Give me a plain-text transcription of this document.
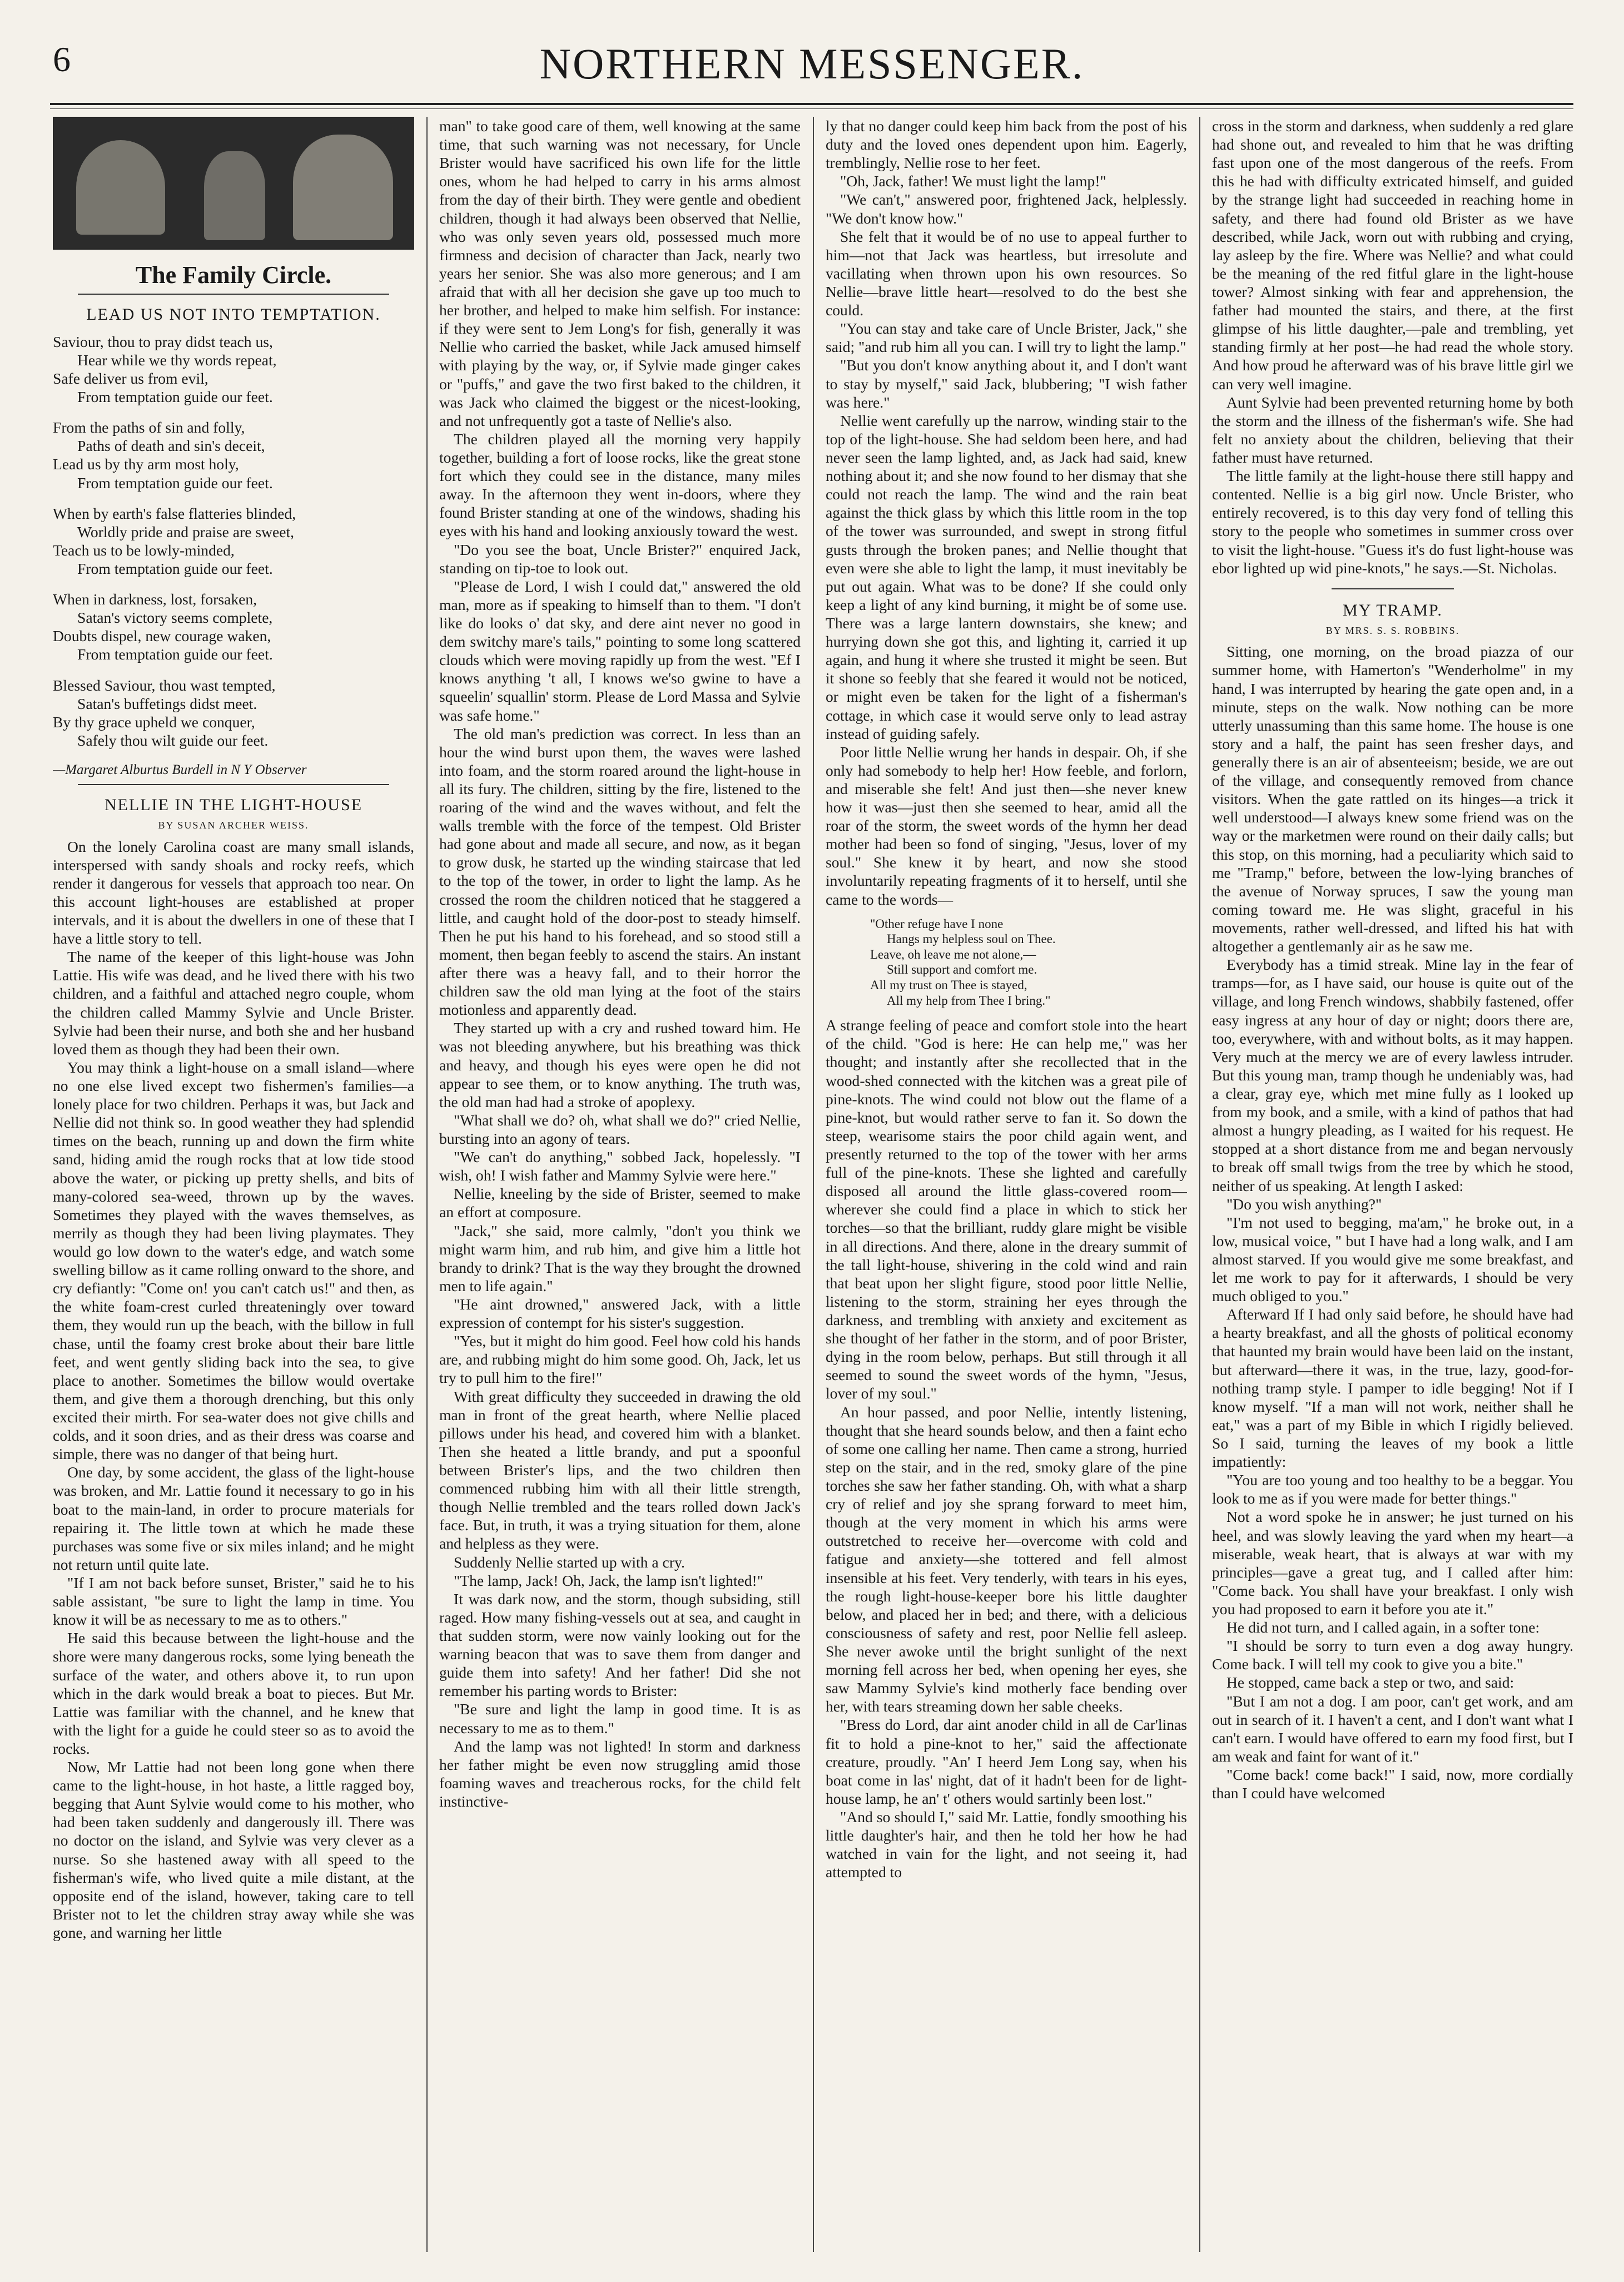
6	NORTHERN MESSENGER.
The Family Circle.
LEAD US NOT INTO TEMPTATION.
Saviour, thou to pray didst teach us,
Hear while we thy words repeat,
Safe deliver us from evil,
From temptation guide our feet.
From the paths of sin and folly,
Paths of death and sin's deceit,
Lead us by thy arm most holy,
From temptation guide our feet.
When by earth's false flatteries blinded,
Worldly pride and praise are sweet,
Teach us to be lowly-minded,
From temptation guide our feet.
When in darkness, lost, forsaken,
Satan's victory seems complete,
Doubts dispel, new courage waken,
From temptation guide our feet.
Blessed Saviour, thou wast tempted,
Satan's buffetings didst meet.
By thy grace upheld we conquer,
Safely thou wilt guide our feet.
—Margaret Alburtus Burdell in N Y Observer
NELLIE IN THE LIGHT-HOUSE
BY SUSAN ARCHER WEISS.

On the lonely Carolina coast are many small islands, interspersed with sandy shoals and rocky reefs, which render it dangerous for vessels that approach too near. On this account light-houses are established at proper intervals, and it is about the dwellers in one of these that I have a little story to tell.

The name of the keeper of this light-house was John Lattie. His wife was dead, and he lived there with his two children, and a faithful and attached negro couple, whom the children called Mammy Sylvie and Uncle Brister. Sylvie had been their nurse, and both she and her husband loved them as though they had been their own.

You may think a light-house on a small island—where no one else lived except two fishermen's families—a lonely place for two children. Perhaps it was, but Jack and Nellie did not think so. In good weather they had splendid times on the beach, running up and down the firm white sand, hiding amid the rough rocks that at low tide stood above the water, or picking up pretty shells, and bits of many-colored sea-weed, thrown up by the waves. Sometimes they played with the waves themselves, as merrily as though they had been living playmates. They would go low down to the water's edge, and watch some swelling billow as it came rolling onward to the shore, and cry defiantly: "Come on! you can't catch us!" and then, as the white foam-crest curled threateningly over toward them, they would run up the beach, with the billow in full chase, until the foamy crest broke about their bare little feet, and went gently sliding back into the sea, to give place to another. Sometimes the billow would overtake them, and give them a thorough drenching, but this only excited their mirth. For sea-water does not give chills and colds, and it soon dries, and as their dress was coarse and simple, there was no danger of that being hurt.

One day, by some accident, the glass of the light-house was broken, and Mr. Lattie found it necessary to go in his boat to the main-land, in order to procure materials for repairing it. The little town at which he made these purchases was some five or six miles inland; and he might not return until quite late.

"If I am not back before sunset, Brister," said he to his sable assistant, "be sure to light the lamp in time. You know it will be as necessary to me as to others."

He said this because between the light-house and the shore were many dangerous rocks, some lying beneath the surface of the water, and others above it, to run upon which in the dark would break a boat to pieces. But Mr. Lattie was familiar with the channel, and he knew that with the light for a guide he could steer so as to avoid the rocks.

Now, Mr Lattie had not been long gone when there came to the light-house, in hot haste, a little ragged boy, begging that Aunt Sylvie would come to his mother, who had been taken suddenly and dangerously ill. There was no doctor on the island, and Sylvie was very clever as a nurse. So she hastened away with all speed to the fisherman's wife, who lived quite a mile distant, at the opposite end of the island, however, taking care to tell Brister not to let the children stray away while she was gone, and warning her little

man" to take good care of them, well knowing at the same time, that such warning was not necessary, for Uncle Brister would have sacrificed his own life for the little ones, whom he had helped to carry in his arms almost from the day of their birth. They were gentle and obedient children, though it had always been observed that Nellie, who was only seven years old, possessed much more firmness and decision of character than Jack, nearly two years her senior. She was also more generous; and I am afraid that with all her decision she gave up too much to her brother, and helped to make him selfish. For instance: if they were sent to Jem Long's for fish, generally it was Nellie who carried the basket, while Jack amused himself with playing by the way, or, if Sylvie made ginger cakes or "puffs," and gave the two first baked to the children, it was Jack who claimed the biggest or the nicest-looking, and not unfrequently got a taste of Nellie's also.

The children played all the morning very happily together, building a fort of loose rocks, like the great stone fort which they could see in the distance, many miles away. In the afternoon they went in-doors, where they found Brister standing at one of the windows, shading his eyes with his hand and looking anxiously toward the west.

"Do you see the boat, Uncle Brister?" enquired Jack, standing on tip-toe to look out.

"Please de Lord, I wish I could dat," answered the old man, more as if speaking to himself than to them. "I don't like do looks o' dat sky, and dere aint never no good in dem switchy mare's tails," pointing to some long scattered clouds which were moving rapidly up from the west. "Ef I knows anything 't all, I knows we'so gwine to have a squeelin' squallin' storm. Please de Lord Massa and Sylvie was safe home."

The old man's prediction was correct. In less than an hour the wind burst upon them, the waves were lashed into foam, and the storm roared around the light-house in all its fury. The children, sitting by the fire, listened to the roaring of the wind and the waves without, and felt the walls tremble with the force of the tempest. Old Brister had gone about and made all secure, and now, as it began to grow dusk, he started up the winding staircase that led to the top of the tower, in order to light the lamp. As he crossed the room the children noticed that he staggered a little, and caught hold of the door-post to steady himself. Then he put his hand to his forehead, and so stood still a moment, then began feebly to ascend the stairs. An instant after there was a heavy fall, and to their horror the children saw the old man lying at the foot of the stairs motionless and apparently dead.

They started up with a cry and rushed toward him. He was not bleeding anywhere, but his breathing was thick and heavy, and though his eyes were open he did not appear to see them, or to know anything. The truth was, the old man had had a stroke of apoplexy.

"What shall we do? oh, what shall we do?" cried Nellie, bursting into an agony of tears.

"We can't do anything," sobbed Jack, hopelessly. "I wish, oh! I wish father and Mammy Sylvie were here."

Nellie, kneeling by the side of Brister, seemed to make an effort at composure.

"Jack," she said, more calmly, "don't you think we might warm him, and rub him, and give him a little hot brandy to drink? That is the way they brought the drowned men to life again."

"He aint drowned," answered Jack, with a little expression of contempt for his sister's suggestion.

"Yes, but it might do him good. Feel how cold his hands are, and rubbing might do him some good. Oh, Jack, let us try to pull him to the fire!"

With great difficulty they succeeded in drawing the old man in front of the great hearth, where Nellie placed pillows under his head, and covered him with a blanket. Then she heated a little brandy, and put a spoonful between Brister's lips, and the two children then commenced rubbing him with all their little strength, though Nellie trembled and the tears rolled down Jack's face. But, in truth, it was a trying situation for them, alone and helpless as they were.

Suddenly Nellie started up with a cry.

"The lamp, Jack! Oh, Jack, the lamp isn't lighted!"

It was dark now, and the storm, though subsiding, still raged. How many fishing-vessels out at sea, and caught in that sudden storm, were now vainly looking out for the warning beacon that was to save them from danger and guide them into safety! And her father! Did she not remember his parting words to Brister:

"Be sure and light the lamp in good time. It is as necessary to me as to them."

And the lamp was not lighted! In storm and darkness her father might be even now struggling amid those foaming waves and treacherous rocks, for the child felt instinctive-

ly that no danger could keep him back from the post of his duty and the loved ones dependent upon him. Eagerly, tremblingly, Nellie rose to her feet.

"Oh, Jack, father! We must light the lamp!"

"We can't," answered poor, frightened Jack, helplessly. "We don't know how."

She felt that it would be of no use to appeal further to him—not that Jack was heartless, but irresolute and vacillating when thrown upon his own resources. So Nellie—brave little heart—resolved to do the best she could.

"You can stay and take care of Uncle Brister, Jack," she said; "and rub him all you can. I will try to light the lamp."

"But you don't know anything about it, and I don't want to stay by myself," said Jack, blubbering; "I wish father was here."

Nellie went carefully up the narrow, winding stair to the top of the light-house. She had seldom been here, and had never seen the lamp lighted, and, as Jack had said, knew nothing about it; and she now found to her dismay that she could not reach the lamp. The wind and the rain beat against the thick glass by which this little room in the top of the tower was surrounded, and swept in strong fitful gusts through the broken panes; and Nellie thought that even were she able to light the lamp, it must inevitably be put out again. What was to be done? If she could only keep a light of any kind burning, it might be of some use. There was a large lantern downstairs, she knew; and hurrying down she got this, and lighting it, carried it up again, and hung it where she trusted it might be seen. But it shone so feebly that she feared it would not be noticed, or might even be taken for the light of a fisherman's cottage, in which case it would serve only to lead astray instead of guiding safely.

Poor little Nellie wrung her hands in despair. Oh, if she only had somebody to help her! How feeble, and forlorn, and miserable she felt! And just then—she never knew how it was—just then she seemed to hear, amid all the roar of the storm, the sweet words of the hymn her dead mother had been so fond of singing, "Jesus, lover of my soul." She knew it by heart, and now she stood involuntarily repeating fragments of it to herself, until she came to the words—

"Other refuge have I none
Hangs my helpless soul on Thee.
Leave, oh leave me not alone,—
Still support and comfort me.
All my trust on Thee is stayed,
All my help from Thee I bring."

A strange feeling of peace and comfort stole into the heart of the child. "God is here: He can help me," was her thought; and instantly after she recollected that in the wood-shed connected with the kitchen was a great pile of pine-knots. The wind could not blow out the flame of a pine-knot, but would rather serve to fan it. So down the steep, wearisome stairs the poor child again went, and presently returned to the top of the tower with her arms full of the pine-knots. These she lighted and carefully disposed all around the little glass-covered room—wherever she could find a place in which to stick her torches—so that the brilliant, ruddy glare might be visible in all directions. And there, alone in the dreary summit of the tall light-house, shivering in the cold wind and rain that beat upon her slight figure, stood poor little Nellie, listening to the storm, straining her eyes through the darkness, and trembling with anxiety and excitement as she thought of her father in the storm, and of poor Brister, dying in the room below, perhaps. But still through it all seemed to sound the sweet words of the hymn, "Jesus, lover of my soul."

An hour passed, and poor Nellie, intently listening, thought that she heard sounds below, and then a faint echo of some one calling her name. Then came a strong, hurried step on the stair, and in the red, smoky glare of the pine torches she saw her father standing. Oh, with what a sharp cry of relief and joy she sprang forward to meet him, though at the very moment in which his arms were outstretched to receive her—overcome with cold and fatigue and anxiety—she tottered and fell almost insensible at his feet. Very tenderly, with tears in his eyes, the rough light-house-keeper bore his little daughter below, and placed her in bed; and there, with a delicious consciousness of safety and rest, poor Nellie fell asleep. She never awoke until the bright sunlight of the next morning fell across her bed, when opening her eyes, she saw Mammy Sylvie's kind motherly face bending over her, with tears streaming down her sable cheeks.

"Bress do Lord, dar aint anoder child in all de Car'linas fit to hold a pine-knot to her," said the affectionate creature, proudly. "An' I heerd Jem Long say, when his boat come in las' night, dat of it hadn't been for de light-house lamp, he an' t' others would sartinly been lost."

"And so should I," said Mr. Lattie, fondly smoothing his little daughter's hair, and then he told her how he had watched in vain for the light, and not seeing it, had attempted to

cross in the storm and darkness, when suddenly a red glare had shone out, and revealed to him that he was drifting fast upon one of the most dangerous of the reefs. From this he had with difficulty extricated himself, and guided by the strange light had succeeded in reaching home in safety, and there had found old Brister as we have described, while Jack, worn out with rubbing and crying, lay asleep by the fire. Where was Nellie? and what could be the meaning of the red fitful glare in the light-house tower? Almost sinking with fear and apprehension, the father had mounted the stairs, and there, at the first glimpse of his little daughter,—pale and trembling, yet standing firmly at her post—he had read the whole story. And how proud he afterward was of his brave little girl we can very well imagine.

Aunt Sylvie had been prevented returning home by both the storm and the illness of the fisherman's wife. She had felt no anxiety about the children, believing that their father must have returned.

The little family at the light-house there still happy and contented. Nellie is a big girl now. Uncle Brister, who entirely recovered, is to this day very fond of telling this story to the people who sometimes in summer cross over to visit the light-house. "Guess it's do fust light-house was ebor lighted up wid pine-knots," he says.—St. Nicholas.

MY TRAMP.
BY MRS. S. S. ROBBINS.

Sitting, one morning, on the broad piazza of our summer home, with Hamerton's "Wenderholme" in my hand, I was interrupted by hearing the gate open and, in a minute, steps on the walk. Now nothing can be more utterly unassuming than this same home. The house is one story and a half, the paint has seen fresher days, and generally there is an air of absenteeism; beside, we are out of the village, and consequently removed from chance visitors. When the gate rattled on its hinges—a trick it well understood—I always knew some friend was on the way or the marketmen were round on their daily calls; but this stop, on this morning, had a peculiarity which said to me "Tramp," before, between the low-lying branches of the avenue of Norway spruces, I saw the young man coming toward me. He was slight, graceful in his movements, rather well-dressed, and lifted his hat with altogether a gentlemanly air as he saw me.

Everybody has a timid streak. Mine lay in the fear of tramps—for, as I have said, our house is quite out of the village, and long French windows, shabbily fastened, offer easy ingress at any hour of day or night; doors there are, too, everywhere, with and without bolts, as it may happen. Very much at the mercy we are of every lawless intruder. But this young man, tramp though he undeniably was, had a clear, gray eye, which met mine fully as I looked up from my book, and a smile, with a kind of pathos that had almost a hungry pleading, as I waited for his request. He stopped at a short distance from me and began nervously to break off small twigs from the tree by which he stood, neither of us speaking. At length I asked:

"Do you wish anything?"

"I'm not used to begging, ma'am," he broke out, in a low, musical voice, " but I have had a long walk, and I am almost starved. If you would give me some breakfast, and let me work to pay for it afterwards, I should be very much obliged to you."

Afterward If I had only said before, he should have had a hearty breakfast, and all the ghosts of political economy that haunted my brain would have been laid on the instant, but afterward—there it was, in the true, lazy, good-for-nothing tramp style. I pamper to idle begging! Not if I know myself. "If a man will not work, neither shall he eat," was a part of my Bible in which I rigidly believed. So I said, turning the leaves of my book a little impatiently:

"You are too young and too healthy to be a beggar. You look to me as if you were made for better things."

Not a word spoke he in answer; he just turned on his heel, and was slowly leaving the yard when my heart—a miserable, weak heart, that is always at war with my principles—gave a great tug, and I called after him: "Come back. You shall have your breakfast. I only wish you had proposed to earn it before you ate it."

He did not turn, and I called again, in a softer tone:

"I should be sorry to turn even a dog away hungry. Come back. I will tell my cook to give you a bite."

He stopped, came back a step or two, and said:

"But I am not a dog. I am poor, can't get work, and am out in search of it. I haven't a cent, and I don't want what I can't earn. I would have offered to earn my food first, but I am weak and faint for want of it."

"Come back! come back!" I said, now, more cordially than I could have welcomed
